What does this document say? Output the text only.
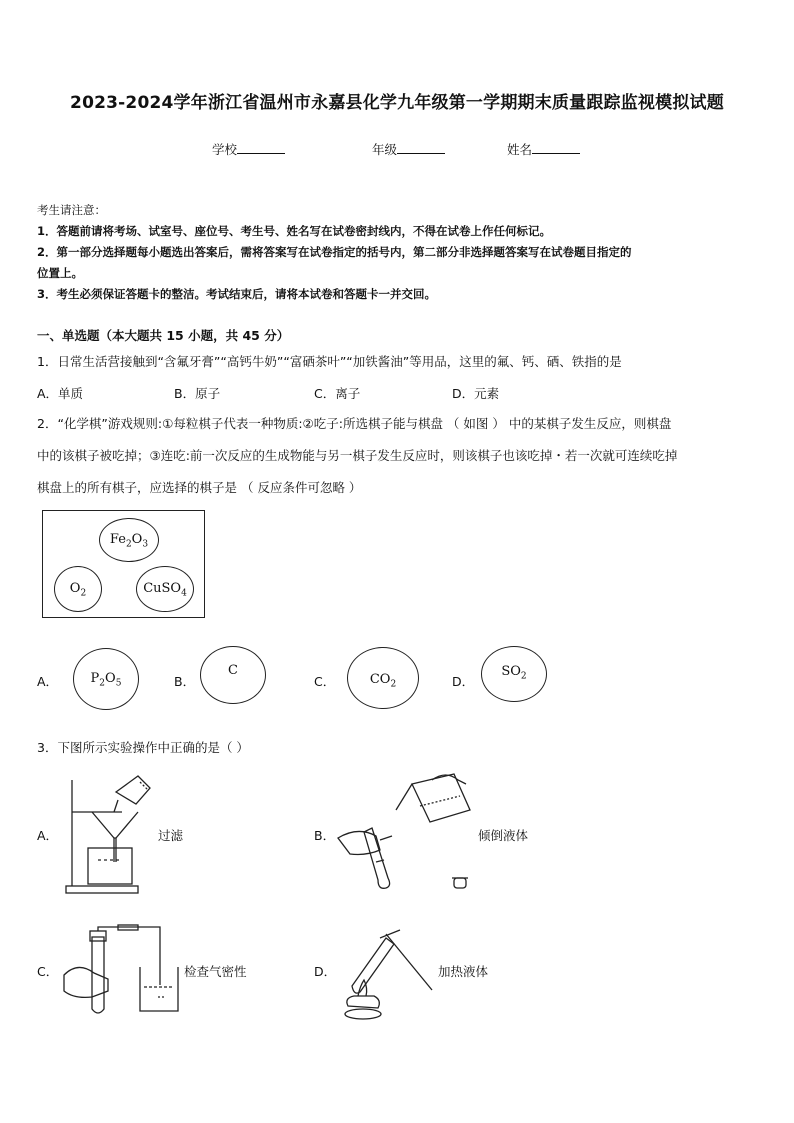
2023-2024学年浙江省温州市永嘉县化学九年级第一学期期末质量跟踪监视模拟试题
学校	年级	姓名
考生请注意：
1．答题前请将考场、试室号、座位号、考生号、姓名写在试卷密封线内，不得在试卷上作任何标记。
2．第一部分选择题每小题选出答案后，需将答案写在试卷指定的括号内，第二部分非选择题答案写在试卷题目指定的
位置上。
3．考生必须保证答题卡的整洁。考试结束后，请将本试卷和答题卡一并交回。
一、单选题（本大题共 15 小题，共 45 分）
1．日常生活营接触到“含氟牙膏”“高钙牛奶”“富硒茶叶”“加铁酱油”等用品，这里的氟、钙、硒、铁指的是
A．单质	B．原子	C．离子	D．元素
2．“化学棋”游戏规则:①每粒棋子代表一种物质:②吃子:所选棋子能与棋盘 （ 如图 ） 中的某棋子发生反应，则棋盘
中的该棋子被吃掉；③连吃:前一次反应的生成物能与另一棋子发生反应时，则该棋子也该吃掉・若一次就可连续吃掉
棋盘上的所有棋子，应选择的棋子是 （ 反应条件可忽略 ）
$Fe_2O_3$
$O_2$	CuSO$_4$
A．	$P_2O_5$	B．
C
C．	$CO_2$	D．
$SO_2$
3．下图所示实验操作中正确的是（ ）
A．	过滤	B．	倾倒液体
C．	检查气密性	D．	加热液体
